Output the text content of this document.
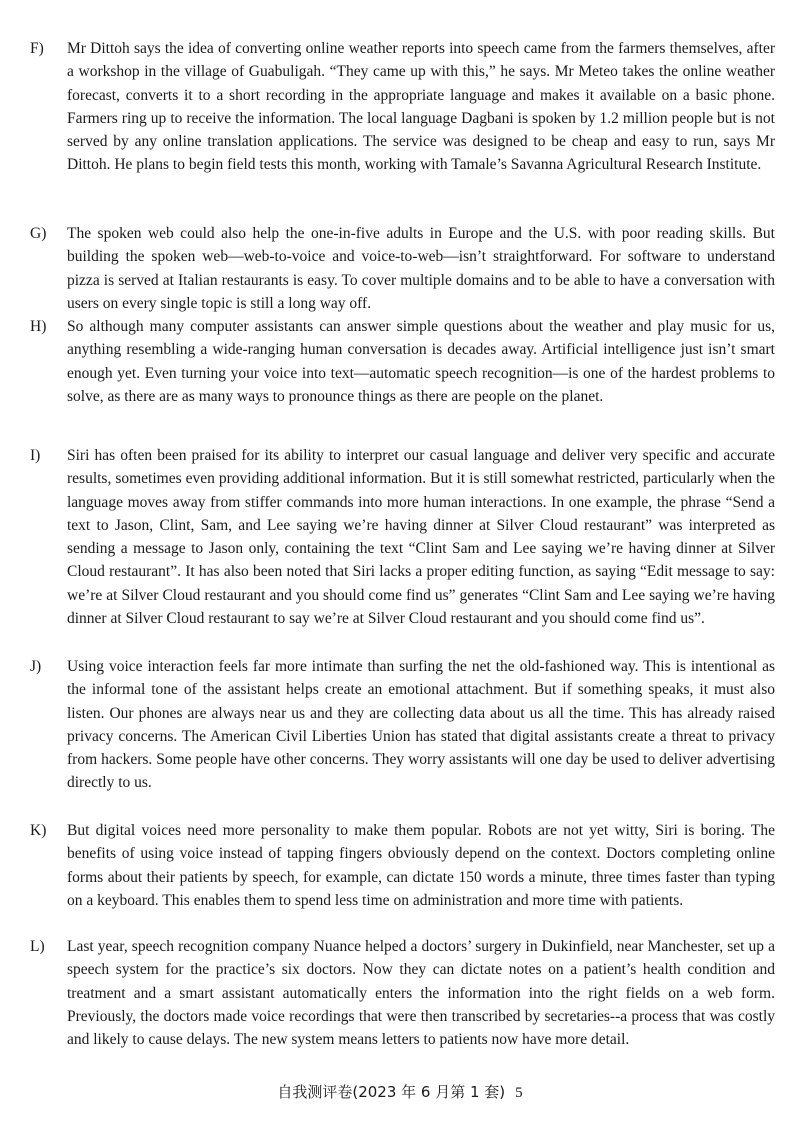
F)	Mr Dittoh says the idea of converting online weather reports into speech came from the farmers themselves, after a workshop in the village of Guabuligah. “They came up with this,” he says. Mr Meteo takes the online weather forecast, converts it to a short recording in the appropriate language and makes it available on a basic phone. Farmers ring up to receive the information. The local language Dagbani is spoken by 1.2 million people but is not served by any online translation applications. The service was designed to be cheap and easy to run, says Mr Dittoh. He plans to begin field tests this month, working with Tamale’s Savanna Agricultural Research Institute.
G)	The spoken web could also help the one-in-five adults in Europe and the U.S. with poor reading skills. But building the spoken web—web-to-voice and voice-to-web—isn’t straightforward. For software to understand pizza is served at Italian restaurants is easy. To cover multiple domains and to be able to have a conversation with users on every single topic is still a long way off.
H)	So although many computer assistants can answer simple questions about the weather and play music for us, anything resembling a wide-ranging human conversation is decades away. Artificial intelligence just isn’t smart enough yet. Even turning your voice into text—automatic speech recognition—is one of the hardest problems to solve, as there are as many ways to pronounce things as there are people on the planet.
I)	Siri has often been praised for its ability to interpret our casual language and deliver very specific and accurate results, sometimes even providing additional information. But it is still somewhat restricted, particularly when the language moves away from stiffer commands into more human interactions. In one example, the phrase “Send a text to Jason, Clint, Sam, and Lee saying we’re having dinner at Silver Cloud restaurant” was interpreted as sending a message to Jason only, containing the text “Clint Sam and Lee saying we’re having dinner at Silver Cloud restaurant”. It has also been noted that Siri lacks a proper editing function, as saying “Edit message to say: we’re at Silver Cloud restaurant and you should come find us” generates “Clint Sam and Lee saying we’re having dinner at Silver Cloud restaurant to say we’re at Silver Cloud restaurant and you should come find us”.
J)	Using voice interaction feels far more intimate than surfing the net the old-fashioned way. This is intentional as the informal tone of the assistant helps create an emotional attachment. But if something speaks, it must also listen. Our phones are always near us and they are collecting data about us all the time. This has already raised privacy concerns. The American Civil Liberties Union has stated that digital assistants create a threat to privacy from hackers. Some people have other concerns. They worry assistants will one day be used to deliver advertising directly to us.
K)	But digital voices need more personality to make them popular. Robots are not yet witty, Siri is boring. The benefits of using voice instead of tapping fingers obviously depend on the context. Doctors completing online forms about their patients by speech, for example, can dictate 150 words a minute, three times faster than typing on a keyboard. This enables them to spend less time on administration and more time with patients.
L)	Last year, speech recognition company Nuance helped a doctors’ surgery in Dukinfield, near Manchester, set up a speech system for the practice’s six doctors. Now they can dictate notes on a patient’s health condition and treatment and a smart assistant automatically enters the information into the right fields on a web form. Previously, the doctors made voice recordings that were then transcribed by secretaries--a process that was costly and likely to cause delays. The new system means letters to patients now have more detail.
自我测评卷(2023 年 6 月第 1 套) 5
